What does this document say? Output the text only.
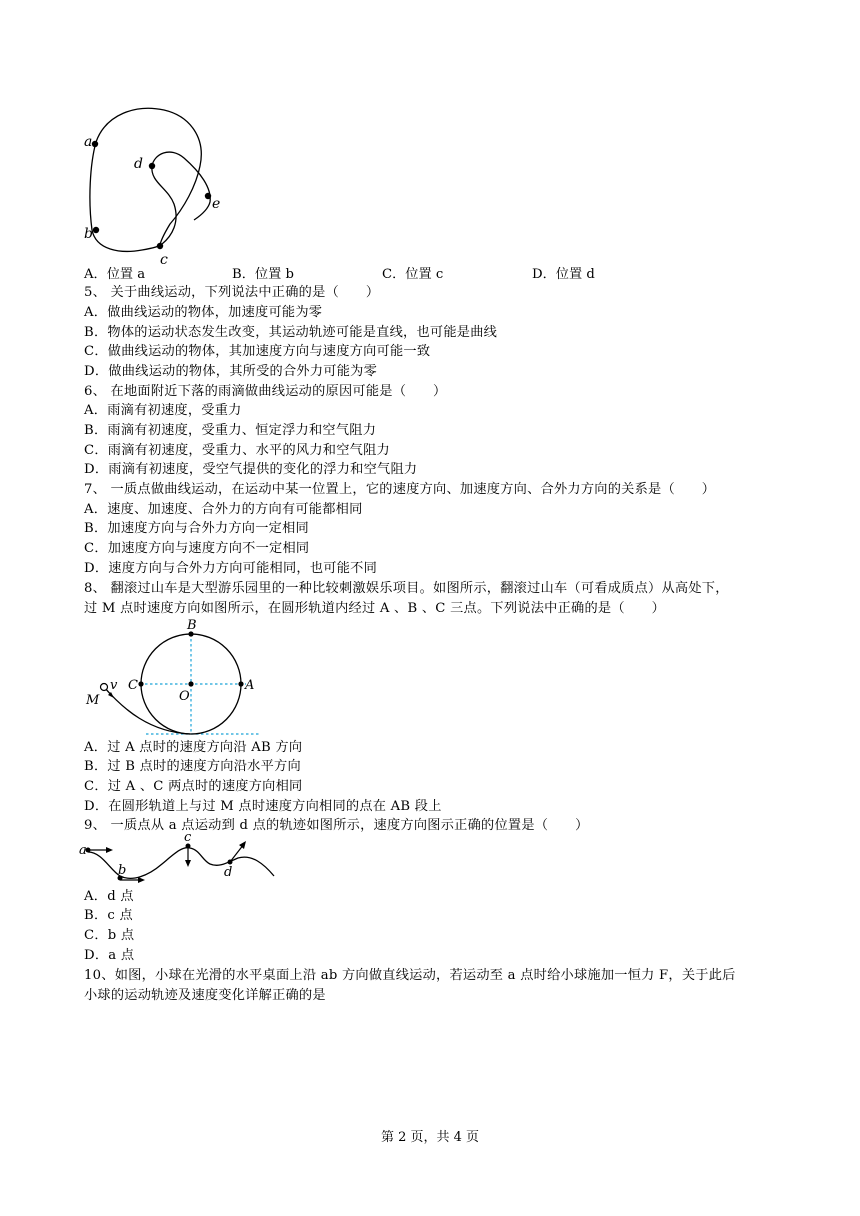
a
b
c
d
e
A．位置 a	B．位置 b	C．位置 c	D．位置 d
5、 关于曲线运动，下列说法中正确的是（　　）
A．做曲线运动的物体，加速度可能为零
B．物体的运动状态发生改变，其运动轨迹可能是直线，也可能是曲线
C．做曲线运动的物体，其加速度方向与速度方向可能一致
D．做曲线运动的物体，其所受的合外力可能为零
6、 在地面附近下落的雨滴做曲线运动的原因可能是（　　）
A．雨滴有初速度，受重力
B．雨滴有初速度，受重力、恒定浮力和空气阻力
C．雨滴有初速度，受重力、水平的风力和空气阻力
D．雨滴有初速度，受空气提供的变化的浮力和空气阻力
7、 一质点做曲线运动，在运动中某一位置上，它的速度方向、加速度方向、合外力方向的关系是（　　）
A．速度、加速度、合外力的方向有可能都相同
B．加速度方向与合外力方向一定相同
C．加速度方向与速度方向不一定相同
D．速度方向与合外力方向可能相同，也可能不同
8、 翻滚过山车是大型游乐园里的一种比较刺激娱乐项目。如图所示，翻滚过山车（可看成质点）从高处下，
过 M 点时速度方向如图所示，在圆形轨道内经过 A 、B 、C 三点。下列说法中正确的是（　　）
B
C
O
A
M
v
A．过 A 点时的速度方向沿 AB 方向
B．过 B 点时的速度方向沿水平方向
C．过 A 、C 两点时的速度方向相同
D．在圆形轨道上与过 M 点时速度方向相同的点在 AB 段上
9、 一质点从 a 点运动到 d 点的轨迹如图所示，速度方向图示正确的位置是（　　）
a
b
c
d
A．d 点
B．c 点
C．b 点
D．a 点
10、如图，小球在光滑的水平桌面上沿 ab 方向做直线运动，若运动至 a 点时给小球施加一恒力 F，关于此后
小球的运动轨迹及速度变化详解正确的是
第 2 页，共 4 页
